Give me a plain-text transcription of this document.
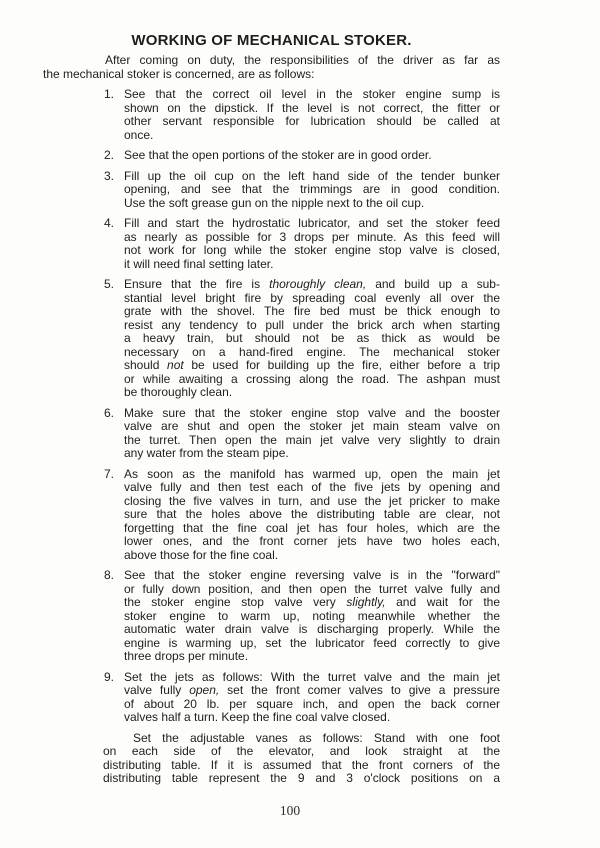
WORKING OF MECHANICAL STOKER.
After coming on duty, the responsibilities of the driver as far as
the mechanical stoker is concerned, are as follows:
1. See that the correct oil level in the stoker engine sump is
shown on the dipstick. If the level is not correct, the fitter or
other servant responsible for lubrication should be called at
once.
2. See that the open portions of the stoker are in good order.
3. Fill up the oil cup on the left hand side of the tender bunker
opening, and see that the trimmings are in good condition.
Use the soft grease gun on the nipple next to the oil cup.
4. Fill and start the hydrostatic lubricator, and set the stoker feed
as nearly as possible for 3 drops per minute. As this feed will
not work for long while the stoker engine stop valve is closed,
it will need final setting later.
5. Ensure that the fire is thoroughly clean, and build up a sub-
stantial level bright fire by spreading coal evenly all over the
grate with the shovel. The fire bed must be thick enough to
resist any tendency to pull under the brick arch when starting
a heavy train, but should not be as thick as would be
necessary on a hand-fired engine. The mechanical stoker
should not be used for building up the fire, either before a trip
or while awaiting a crossing along the road. The ashpan must
be thoroughly clean.
6. Make sure that the stoker engine stop valve and the booster
valve are shut and open the stoker jet main steam valve on
the turret. Then open the main jet valve very slightly to drain
any water from the steam pipe.
7. As soon as the manifold has warmed up, open the main jet
valve fully and then test each of the five jets by opening and
closing the five valves in turn, and use the jet pricker to make
sure that the holes above the distributing table are clear, not
forgetting that the fine coal jet has four holes, which are the
lower ones, and the front corner jets have two holes each,
above those for the fine coal.
8. See that the stoker engine reversing valve is in the "forward"
or fully down position, and then open the turret valve fully and
the stoker engine stop valve very slightly, and wait for the
stoker engine to warm up, noting meanwhile whether the
automatic water drain valve is discharging properly. While the
engine is warming up, set the lubricator feed correctly to give
three drops per minute.
9. Set the jets as follows: With the turret valve and the main jet
valve fully open, set the front comer valves to give a pressure
of about 20 lb. per square inch, and open the back corner
valves half a turn. Keep the fine coal valve closed.
Set the adjustable vanes as follows: Stand with one foot
on each side of the elevator, and look straight at the
distributing table. If it is assumed that the front corners of the
distributing table represent the 9 and 3 o'clock positions on a
100
